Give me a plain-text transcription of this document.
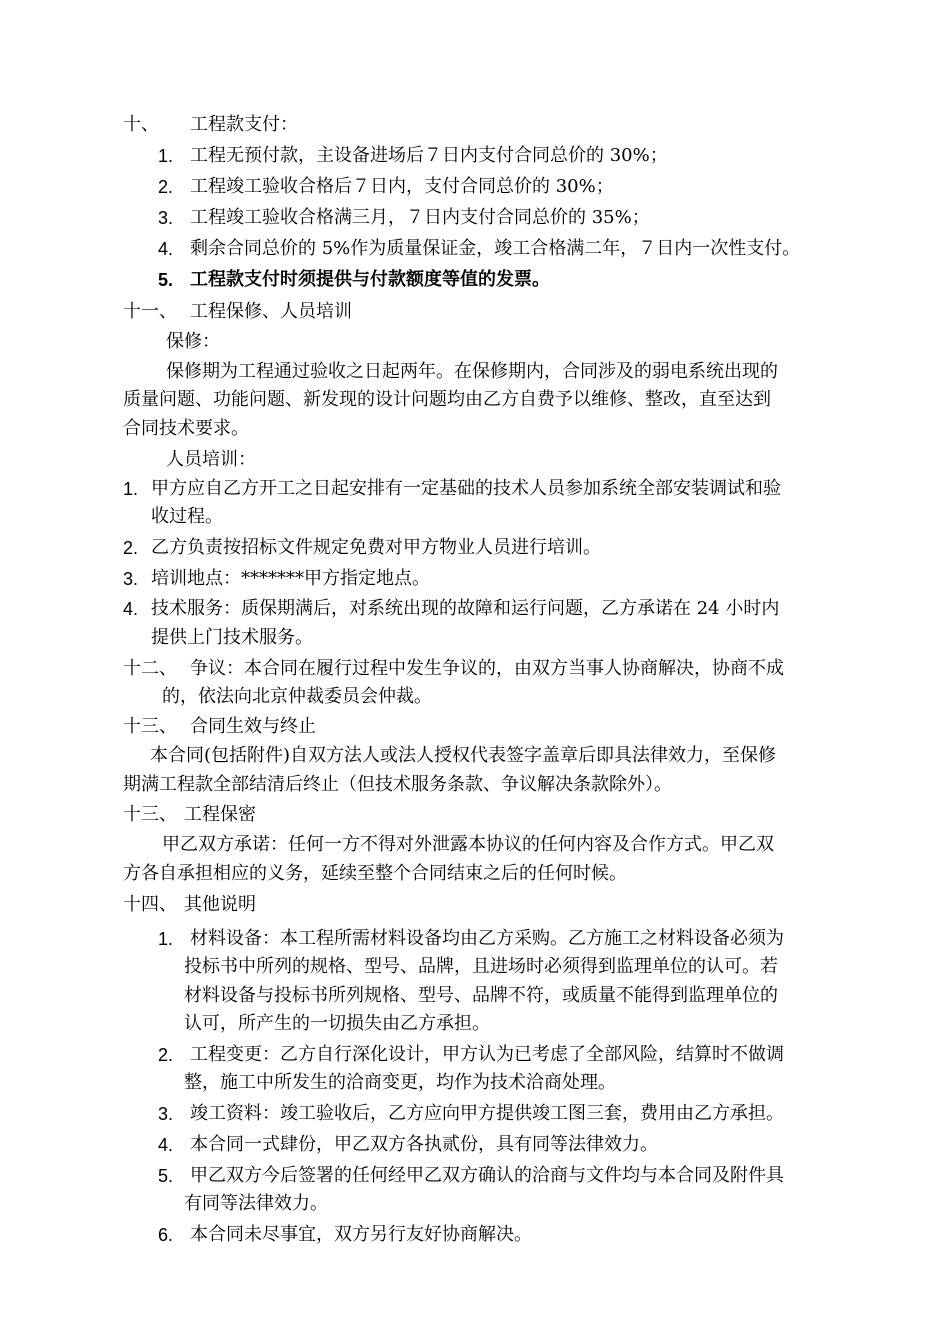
十、 工程款支付：
1. 工程无预付款，主设备进场后７日内支付合同总价的 30%；
2. 工程竣工验收合格后７日内，支付合同总价的 30%；
3. 工程竣工验收合格满三月，７日内支付合同总价的 35%；
4. 剩余合同总价的 5%作为质量保证金，竣工合格满二年，７日内一次性支付。
5. 工程款支付时须提供与付款额度等值的发票。
十一、 工程保修、人员培训
保修：
保修期为工程通过验收之日起两年。在保修期内，合同涉及的弱电系统出现的
质量问题、功能问题、新发现的设计问题均由乙方自费予以维修、整改，直至达到
合同技术要求。
人员培训：
1. 甲方应自乙方开工之日起安排有一定基础的技术人员参加系统全部安装调试和验
收过程。
2. 乙方负责按招标文件规定免费对甲方物业人员进行培训。
3. 培训地点：*******甲方指定地点。
4. 技术服务：质保期满后，对系统出现的故障和运行问题，乙方承诺在 24 小时内
提供上门技术服务。
十二、 争议：本合同在履行过程中发生争议的，由双方当事人协商解决，协商不成
的，依法向北京仲裁委员会仲裁。
十三、 合同生效与终止
本合同(包括附件)自双方法人或法人授权代表签字盖章后即具法律效力，至保修
期满工程款全部结清后终止（但技术服务条款、争议解决条款除外）。
十三、 工程保密
甲乙双方承诺：任何一方不得对外泄露本协议的任何内容及合作方式。甲乙双
方各自承担相应的义务，延续至整个合同结束之后的任何时候。
十四、 其他说明
1. 材料设备：本工程所需材料设备均由乙方采购。乙方施工之材料设备必须为
投标书中所列的规格、型号、品牌，且进场时必须得到监理单位的认可。若
材料设备与投标书所列规格、型号、品牌不符，或质量不能得到监理单位的
认可，所产生的一切损失由乙方承担。
2. 工程变更：乙方自行深化设计，甲方认为已考虑了全部风险，结算时不做调
整，施工中所发生的洽商变更，均作为技术洽商处理。
3. 竣工资料：竣工验收后，乙方应向甲方提供竣工图三套，费用由乙方承担。
4. 本合同一式肆份，甲乙双方各执贰份，具有同等法律效力。
5. 甲乙双方今后签署的任何经甲乙双方确认的洽商与文件均与本合同及附件具
有同等法律效力。
6. 本合同未尽事宜，双方另行友好协商解决。
